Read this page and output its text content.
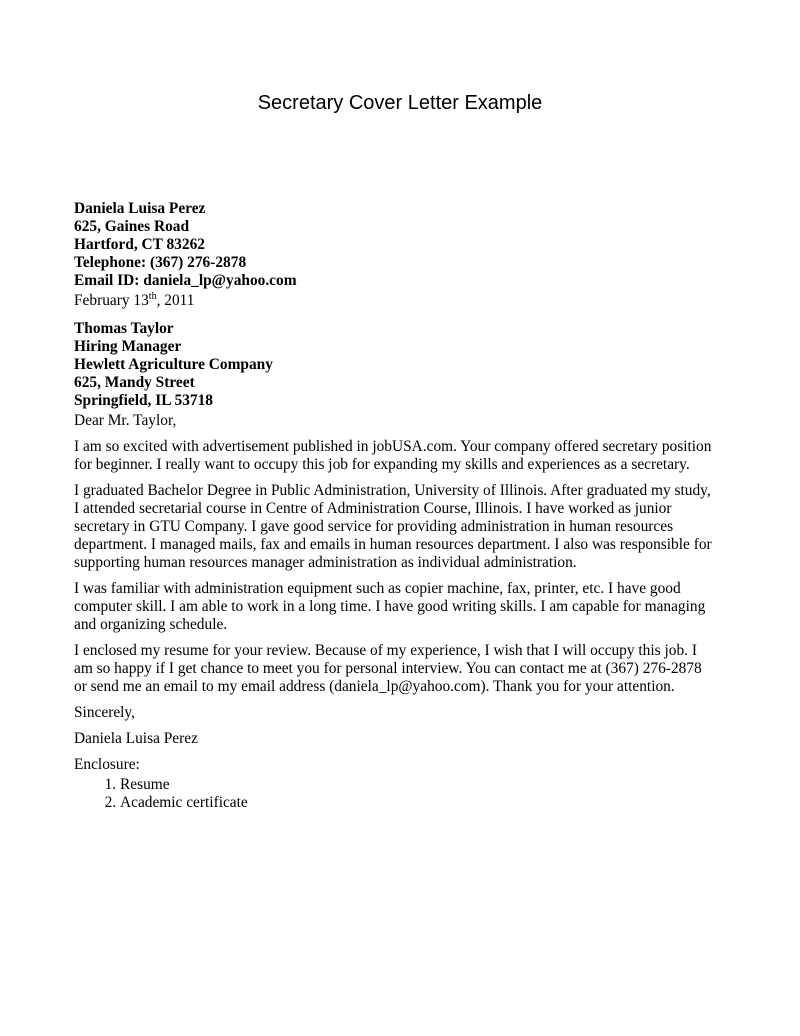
Secretary Cover Letter Example
Daniela Luisa Perez
625, Gaines Road
Hartford, CT 83262
Telephone: (367) 276-2878
Email ID: daniela_lp@yahoo.com
February 13th, 2011
Thomas Taylor
Hiring Manager
Hewlett Agriculture Company
625, Mandy Street
Springfield, IL 53718
Dear Mr. Taylor,
I am so excited with advertisement published in jobUSA.com. Your company offered secretary position
for beginner. I really want to occupy this job for expanding my skills and experiences as a secretary.
I graduated Bachelor Degree in Public Administration, University of Illinois. After graduated my study,
I attended secretarial course in Centre of Administration Course, Illinois. I have worked as junior
secretary in GTU Company. I gave good service for providing administration in human resources
department. I managed mails, fax and emails in human resources department. I also was responsible for
supporting human resources manager administration as individual administration.
I was familiar with administration equipment such as copier machine, fax, printer, etc. I have good
computer skill. I am able to work in a long time. I have good writing skills. I am capable for managing
and organizing schedule.
I enclosed my resume for your review. Because of my experience, I wish that I will occupy this job. I
am so happy if I get chance to meet you for personal interview. You can contact me at (367) 276-2878
or send me an email to my email address (daniela_lp@yahoo.com). Thank you for your attention.
Sincerely,
Daniela Luisa Perez
Enclosure:
1. Resume
2. Academic certificate
